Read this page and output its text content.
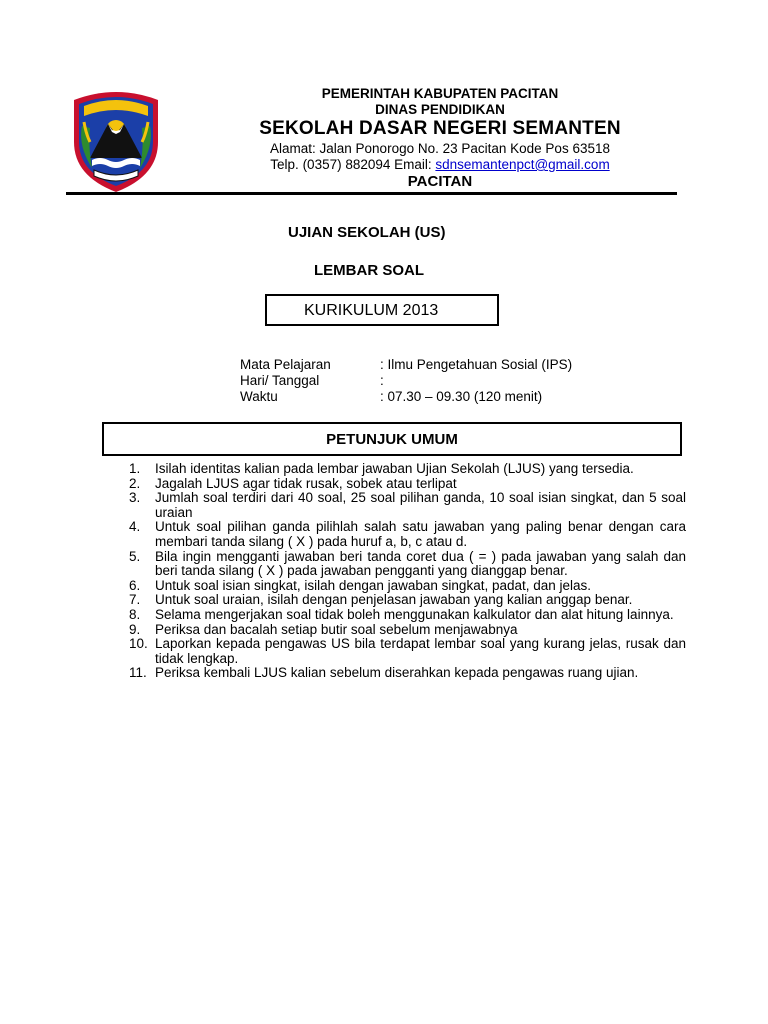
PEMERINTAH KABUPATEN PACITAN
DINAS PENDIDIKAN
SEKOLAH DASAR NEGERI SEMANTEN
Alamat: Jalan Ponorogo No. 23 Pacitan Kode Pos 63518
Telp. (0357) 882094 Email: sdnsemantenpct@gmail.com
PACITAN
UJIAN SEKOLAH (US)
LEMBAR SOAL
KURIKULUM 2013
Mata Pelajaran	: Ilmu Pengetahuan Sosial (IPS)
Hari/ Tanggal	:
Waktu	: 07.30 – 09.30 (120 menit)
PETUNJUK UMUM
1. Isilah identitas kalian pada lembar jawaban Ujian Sekolah (LJUS) yang tersedia.
2. Jagalah LJUS agar tidak rusak, sobek atau terlipat
3. Jumlah soal terdiri dari 40 soal, 25 soal pilihan ganda, 10 soal isian singkat, dan 5 soal uraian
4. Untuk soal pilihan ganda pilihlah salah satu jawaban yang paling benar dengan cara membari tanda silang ( X ) pada huruf a, b, c atau d.
5. Bila ingin mengganti jawaban beri tanda coret dua ( = ) pada jawaban yang salah dan beri tanda silang ( X ) pada jawaban pengganti yang dianggap benar.
6. Untuk soal isian singkat, isilah dengan jawaban singkat, padat, dan jelas.
7. Untuk soal uraian, isilah dengan penjelasan jawaban yang kalian anggap benar.
8. Selama mengerjakan soal tidak boleh menggunakan kalkulator dan alat hitung lainnya.
9. Periksa dan bacalah setiap butir soal sebelum menjawabnya
10. Laporkan kepada pengawas US bila terdapat lembar soal yang kurang jelas, rusak dan tidak lengkap.
11. Periksa kembali LJUS kalian sebelum diserahkan kepada pengawas ruang ujian.
